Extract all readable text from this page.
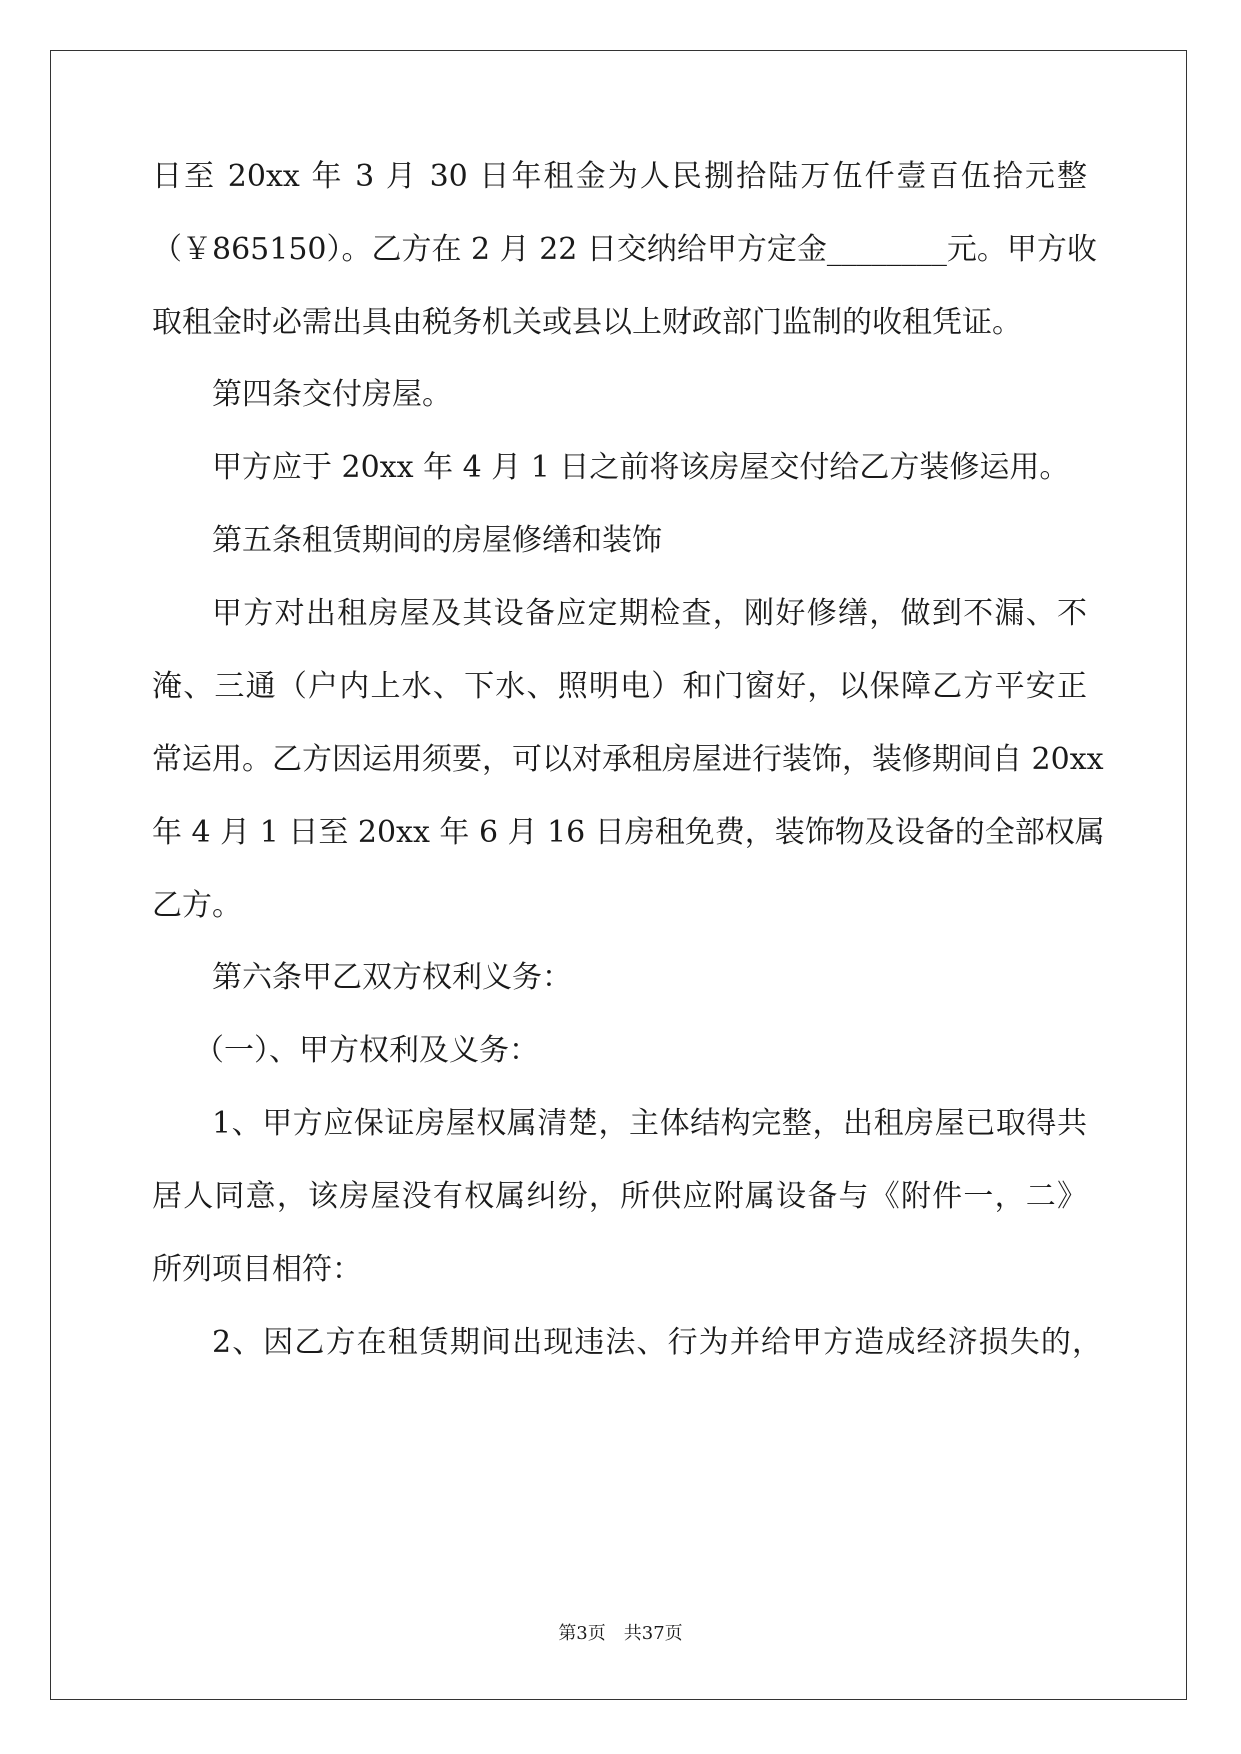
日至 20xx 年 3 月 30 日年租金为人民捌拾陆万伍仟壹百伍拾元整
（￥865150）。乙方在 2 月 22 日交纳给甲方定金________元。甲方收
取租金时必需出具由税务机关或县以上财政部门监制的收租凭证。
第四条交付房屋。
甲方应于 20xx 年 4 月 1 日之前将该房屋交付给乙方装修运用。
第五条租赁期间的房屋修缮和装饰
甲方对出租房屋及其设备应定期检查，刚好修缮，做到不漏、不
淹、三通（户内上水、下水、照明电）和门窗好，以保障乙方平安正
常运用。乙方因运用须要，可以对承租房屋进行装饰，装修期间自 20xx
年 4 月 1 日至 20xx 年 6 月 16 日房租免费，装饰物及设备的全部权属
乙方。
第六条甲乙双方权利义务：
（一）、甲方权利及义务：
1、甲方应保证房屋权属清楚，主体结构完整，出租房屋已取得共
居人同意，该房屋没有权属纠纷，所供应附属设备与《附件一，二》
所列项目相符：
2、因乙方在租赁期间出现违法、行为并给甲方造成经济损失的，
第3页 共37页
